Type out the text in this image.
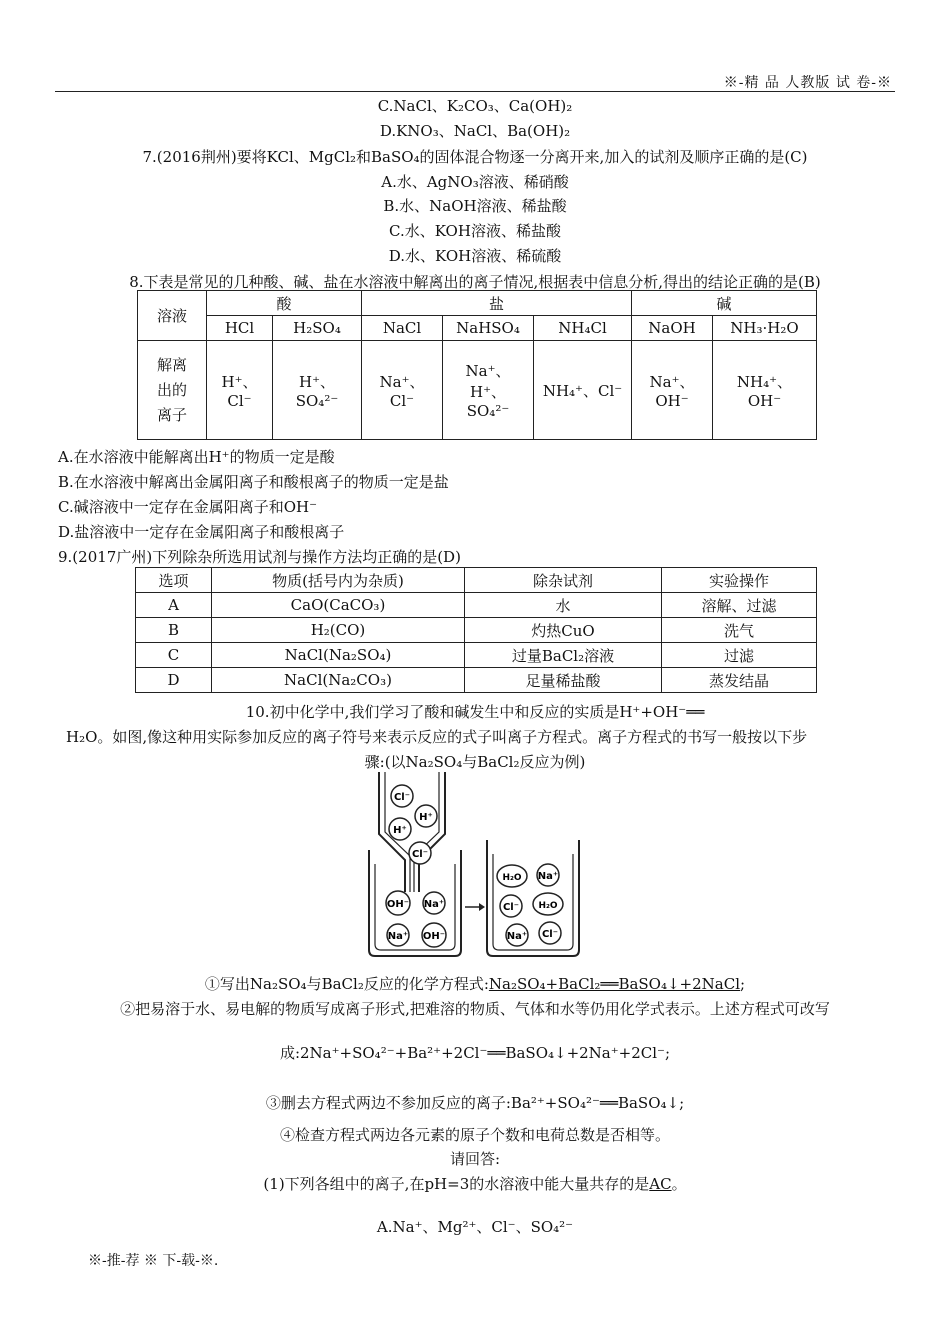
※-精 品 人教版 试 卷-※
C.NaCl、K₂CO₃、Ca(OH)₂
D.KNO₃、NaCl、Ba(OH)₂
7.(2016荆州)要将KCl、MgCl₂和BaSO₄的固体混合物逐一分离开来,加入的试剂及顺序正确的是(C)
A.水、AgNO₃溶液、稀硝酸
B.水、NaOH溶液、稀盐酸
C.水、KOH溶液、稀盐酸
D.水、KOH溶液、稀硫酸
8.下表是常见的几种酸、碱、盐在水溶液中解离出的离子情况,根据表中信息分析,得出的结论正确的是(B)
溶液	酸		盐			碱	
	HCl	H₂SO₄	NaCl	NaHSO₄	NH₄Cl	NaOH	NH₃·H₂O
解离出的离子	H⁺、Cl⁻	H⁺、SO₄²⁻	Na⁺、Cl⁻	Na⁺、H⁺、SO₄²⁻	NH₄⁺、Cl⁻	Na⁺、OH⁻	NH₄⁺、OH⁻
A.在水溶液中能解离出H⁺的物质一定是酸
B.在水溶液中解离出金属阳离子和酸根离子的物质一定是盐
C.碱溶液中一定存在金属阳离子和OH⁻
D.盐溶液中一定存在金属阳离子和酸根离子
9.(2017广州)下列除杂所选用试剂与操作方法均正确的是(D)
选项	物质(括号内为杂质)	除杂试剂	实验操作
A	CaO(CaCO₃)	水	溶解、过滤
B	H₂(CO)	灼热CuO	洗气
C	NaCl(Na₂SO₄)	过量BaCl₂溶液	过滤
D	NaCl(Na₂CO₃)	足量稀盐酸	蒸发结晶
10.初中化学中,我们学习了酸和碱发生中和反应的实质是H⁺+OH⁻══
H₂O。如图,像这种用实际参加反应的离子符号来表示反应的式子叫离子方程式。离子方程式的书写一般按以下步
骤:(以Na₂SO₄与BaCl₂反应为例)
Cl⁻
H⁺
H⁺
Cl⁻
OH⁻ Na⁺
Na⁺ OH⁻
H₂O Na⁺
Cl⁻ H₂O
Na⁺ Cl⁻
①写出Na₂SO₄与BaCl₂反应的化学方程式:Na₂SO₄+BaCl₂══BaSO₄↓+2NaCl;
②把易溶于水、易电解的物质写成离子形式,把难溶的物质、气体和水等仍用化学式表示。上述方程式可改写
成:2Na⁺+SO₄²⁻+Ba²⁺+2Cl⁻══BaSO₄↓+2Na⁺+2Cl⁻;
③删去方程式两边不参加反应的离子:Ba²⁺+SO₄²⁻══BaSO₄↓;
④检查方程式两边各元素的原子个数和电荷总数是否相等。
请回答:
(1)下列各组中的离子,在pH=3的水溶液中能大量共存的是AC。
A.Na⁺、Mg²⁺、Cl⁻、SO₄²⁻
※-推-荐 ※ 下-载-※.
